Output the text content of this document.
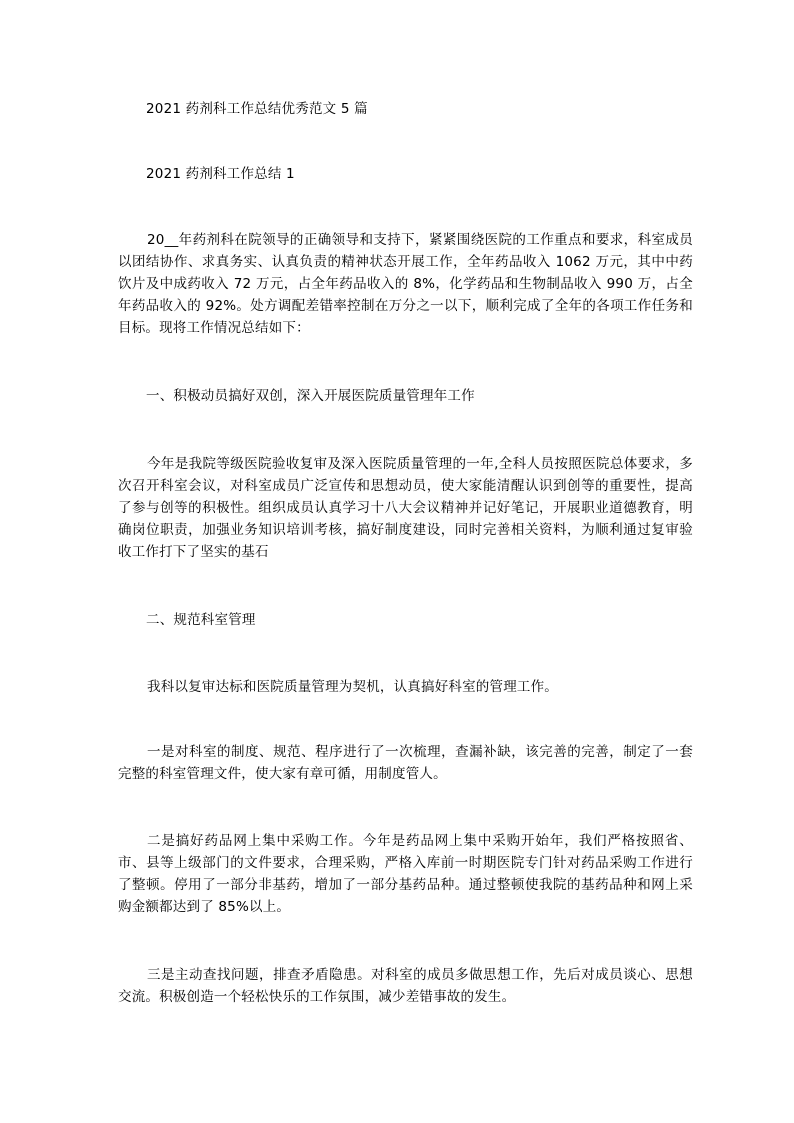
2021 药剂科工作总结优秀范文 5 篇
2021 药剂科工作总结 1
20__年药剂科在院领导的正确领导和支持下，紧紧围绕医院的工作重点和要求，科室成员以团结协作、求真务实、认真负责的精神状态开展工作，全年药品收入 1062 万元，其中中药饮片及中成药收入 72 万元，占全年药品收入的 8%，化学药品和生物制品收入 990 万，占全年药品收入的 92%。处方调配差错率控制在万分之一以下，顺利完成了全年的各项工作任务和目标。现将工作情况总结如下：
一、积极动员搞好双创，深入开展医院质量管理年工作
今年是我院等级医院验收复审及深入医院质量管理的一年,全科人员按照医院总体要求，多次召开科室会议，对科室成员广泛宣传和思想动员，使大家能清醒认识到创等的重要性，提高了参与创等的积极性。组织成员认真学习十八大会议精神并记好笔记，开展职业道德教育，明确岗位职责，加强业务知识培训考核，搞好制度建设，同时完善相关资料，为顺利通过复审验收工作打下了坚实的基石
二、规范科室管理
我科以复审达标和医院质量管理为契机，认真搞好科室的管理工作。
一是对科室的制度、规范、程序进行了一次梳理，查漏补缺，该完善的完善，制定了一套完整的科室管理文件，使大家有章可循，用制度管人。
二是搞好药品网上集中采购工作。今年是药品网上集中采购开始年，我们严格按照省、市、县等上级部门的文件要求，合理采购，严格入库前一时期医院专门针对药品采购工作进行了整顿。停用了一部分非基药，增加了一部分基药品种。通过整顿使我院的基药品种和网上采购金额都达到了 85%以上。
三是主动查找问题，排查矛盾隐患。对科室的成员多做思想工作，先后对成员谈心、思想交流。积极创造一个轻松快乐的工作氛围，减少差错事故的发生。
